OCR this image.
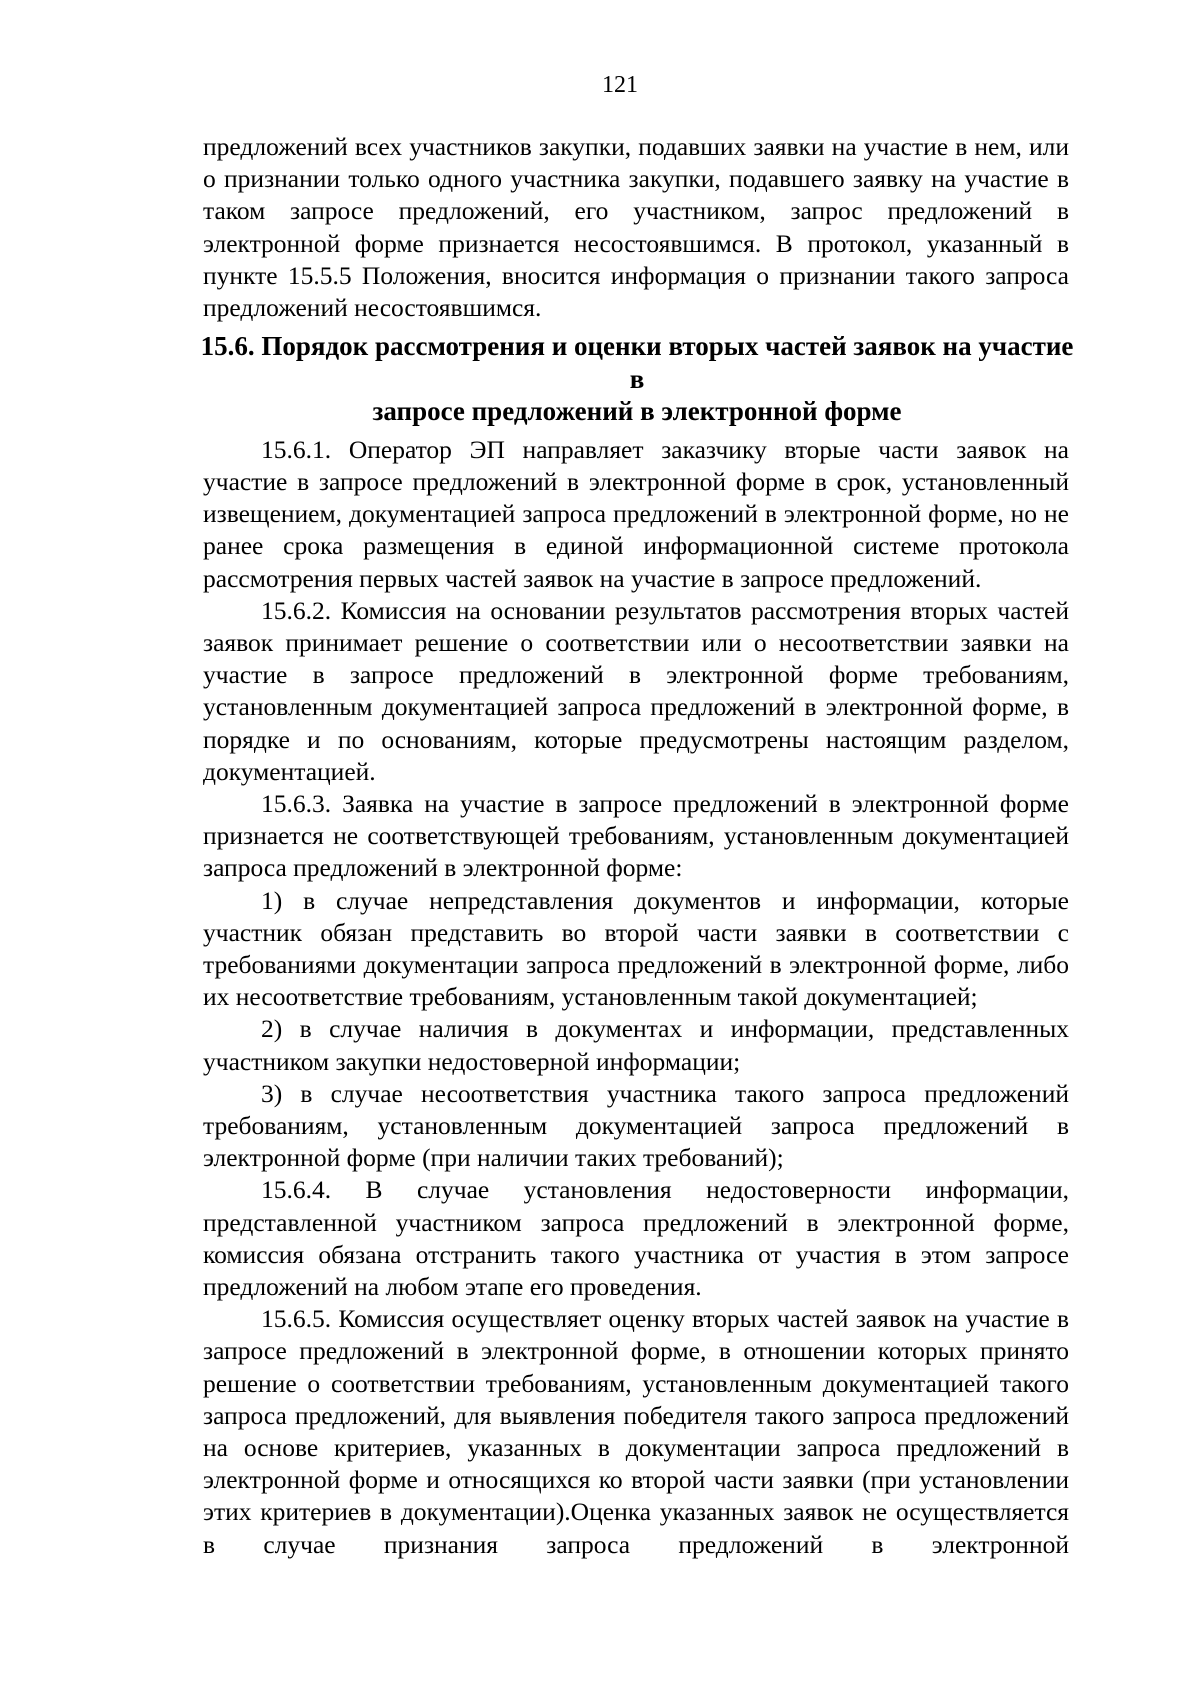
121

предложений всех участников закупки, подавших заявки на участие в нем, или о признании только одного участника закупки, подавшего заявку на участие в таком запросе предложений, его участником, запрос предложений в электронной форме признается несостоявшимся. В протокол, указанный в пункте 15.5.5 Положения, вносится информация о признании такого запроса предложений несостоявшимся.

15.6. Порядок рассмотрения и оценки вторых частей заявок на участие в
запросе предложений в электронной форме

15.6.1. Оператор ЭП направляет заказчику вторые части заявок на участие в запросе предложений в электронной форме в срок, установленный извещением, документацией запроса предложений в электронной форме, но не ранее срока размещения в единой информационной системе протокола рассмотрения первых частей заявок на участие в запросе предложений.

15.6.2. Комиссия на основании результатов рассмотрения вторых частей заявок принимает решение о соответствии или о несоответствии заявки на участие в запросе предложений в электронной форме требованиям, установленным документацией запроса предложений в электронной форме, в порядке и по основаниям, которые предусмотрены настоящим разделом, документацией.

15.6.3. Заявка на участие в запросе предложений в электронной форме признается не соответствующей требованиям, установленным документацией запроса предложений в электронной форме:

1) в случае непредставления документов и информации, которые участник обязан представить во второй части заявки в соответствии с требованиями документации запроса предложений в электронной форме, либо их несоответствие требованиям, установленным такой документацией;

2) в случае наличия в документах и информации, представленных участником закупки недостоверной информации;

3) в случае несоответствия участника такого запроса предложений требованиям, установленным документацией запроса предложений в электронной форме (при наличии таких требований);

15.6.4. В случае установления недостоверности информации, представленной участником запроса предложений в электронной форме, комиссия обязана отстранить такого участника от участия в этом запросе предложений на любом этапе его проведения.

15.6.5. Комиссия осуществляет оценку вторых частей заявок на участие в запросе предложений в электронной форме, в отношении которых принято решение о соответствии требованиям, установленным документацией такого запроса предложений, для выявления победителя такого запроса предложений на основе критериев, указанных в документации запроса предложений в электронной форме и относящихся ко второй части заявки (при установлении этих критериев в документации).Оценка указанных заявок не осуществляется в случае признания запроса предложений в электронной
